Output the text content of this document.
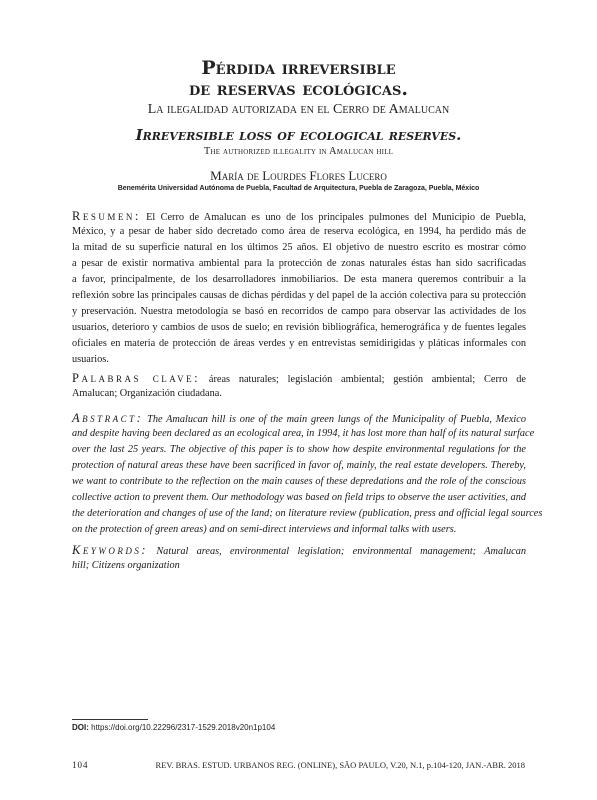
Pérdida irreversible
de reservas ecológicas.
La ilegalidad autorizada en el Cerro de Amalucan
Irreversible loss of ecological reserves.
The authorized illegality in Amalucan hill
María de Lourdes Flores Lucero
Benemérita Universidad Autónoma de Puebla, Facultad de Arquitectura, Puebla de Zaragoza, Puebla, México
Resumen: El Cerro de Amalucan es uno de los principales pulmones del Municipio de Puebla,
México, y a pesar de haber sido decretado como área de reserva ecológica, en 1994, ha perdido más de
la mitad de su superficie natural en los últimos 25 años. El objetivo de nuestro escrito es mostrar cómo
a pesar de existir normativa ambiental para la protección de zonas naturales éstas han sido sacrificadas
a favor, principalmente, de los desarrolladores inmobiliarios. De esta manera queremos contribuir a la
reflexión sobre las principales causas de dichas pérdidas y del papel de la acción colectiva para su protección
y preservación. Nuestra metodología se basó en recorridos de campo para observar las actividades de los
usuarios, deterioro y cambios de usos de suelo; en revisión bibliográfica, hemerográfica y de fuentes legales
oficiales en materia de protección de áreas verdes y en entrevistas semidirigidas y pláticas informales con
usuarios.
Palabras clave: áreas naturales; legislación ambiental; gestión ambiental; Cerro de
Amalucan; Organización ciudadana.
Abstract: The Amalucan hill is one of the main green lungs of the Municipality of Puebla, Mexico
and despite having been declared as an ecological area, in 1994, it has lost more than half of its natural surface
over the last 25 years. The objective of this paper is to show how despite environmental regulations for the
protection of natural areas these have been sacrificed in favor of, mainly, the real estate developers. Thereby,
we want to contribute to the reflection on the main causes of these depredations and the role of the conscious
collective action to prevent them. Our methodology was based on field trips to observe the user activities, and
the deterioration and changes of use of the land; on literature review (publication, press and official legal sources
on the protection of green areas) and on semi-direct interviews and informal talks with users.
Keywords: Natural areas, environmental legislation; environmental management; Amalucan
hill; Citizens organization
DOI: https://doi.org/10.22296/2317-1529.2018v20n1p104
104	REV. BRAS. ESTUD. URBANOS REG. (ONLINE), SÃO PAULO, V.20, N.1, p.104-120, JAN.-ABR. 2018
